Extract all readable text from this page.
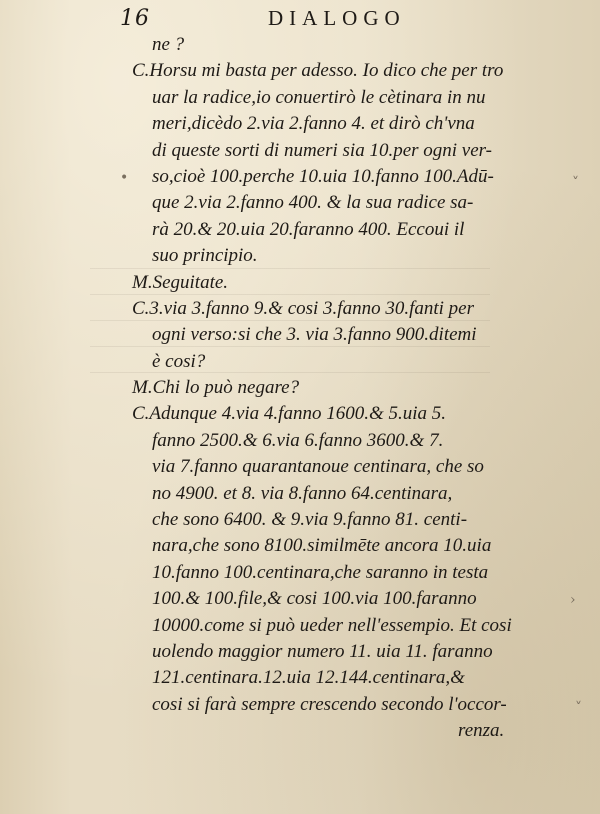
16	DIALOGO
ne ?
C.Horsu mi basta per adesso. Io dico che per tro
uar la radice,io conuertirò le cètinara in nu
meri,dicèdo 2.via 2.fanno 4. et dirò ch'vna
di queste sorti di numeri sia 10.per ogni ver-
so,cioè 100.perche 10.uia 10.fanno 100.Adū-
que 2.via 2.fanno 400. & la sua radice sa-
rà 20.& 20.uia 20.faranno 400. Eccoui il
suo principio.
M.Seguitate.
C.3.via 3.fanno 9.& cosi 3.fanno 30.fanti per
ogni verso:si che 3. via 3.fanno 900.ditemi
è cosi?
M.Chi lo può negare?
C.Adunque 4.via 4.fanno 1600.& 5.uia 5.
fanno 2500.& 6.via 6.fanno 3600.& 7.
via 7.fanno quarantanoue centinara, che so
no 4900. et 8. via 8.fanno 64.centinara,
che sono 6400. & 9.via 9.fanno 81. centi-
nara,che sono 8100.similmēte ancora 10.uia
10.fanno 100.centinara,che saranno in testa
100.& 100.file,& cosi 100.via 100.faranno
10000.come si può ueder nell'essempio. Et cosi
uolendo maggior numero 11. uia 11. faranno
121.centinara.12.uia 12.144.centinara,&
cosi si farà sempre crescendo secondo l'occor-
renza.
•	˅
›
˅
